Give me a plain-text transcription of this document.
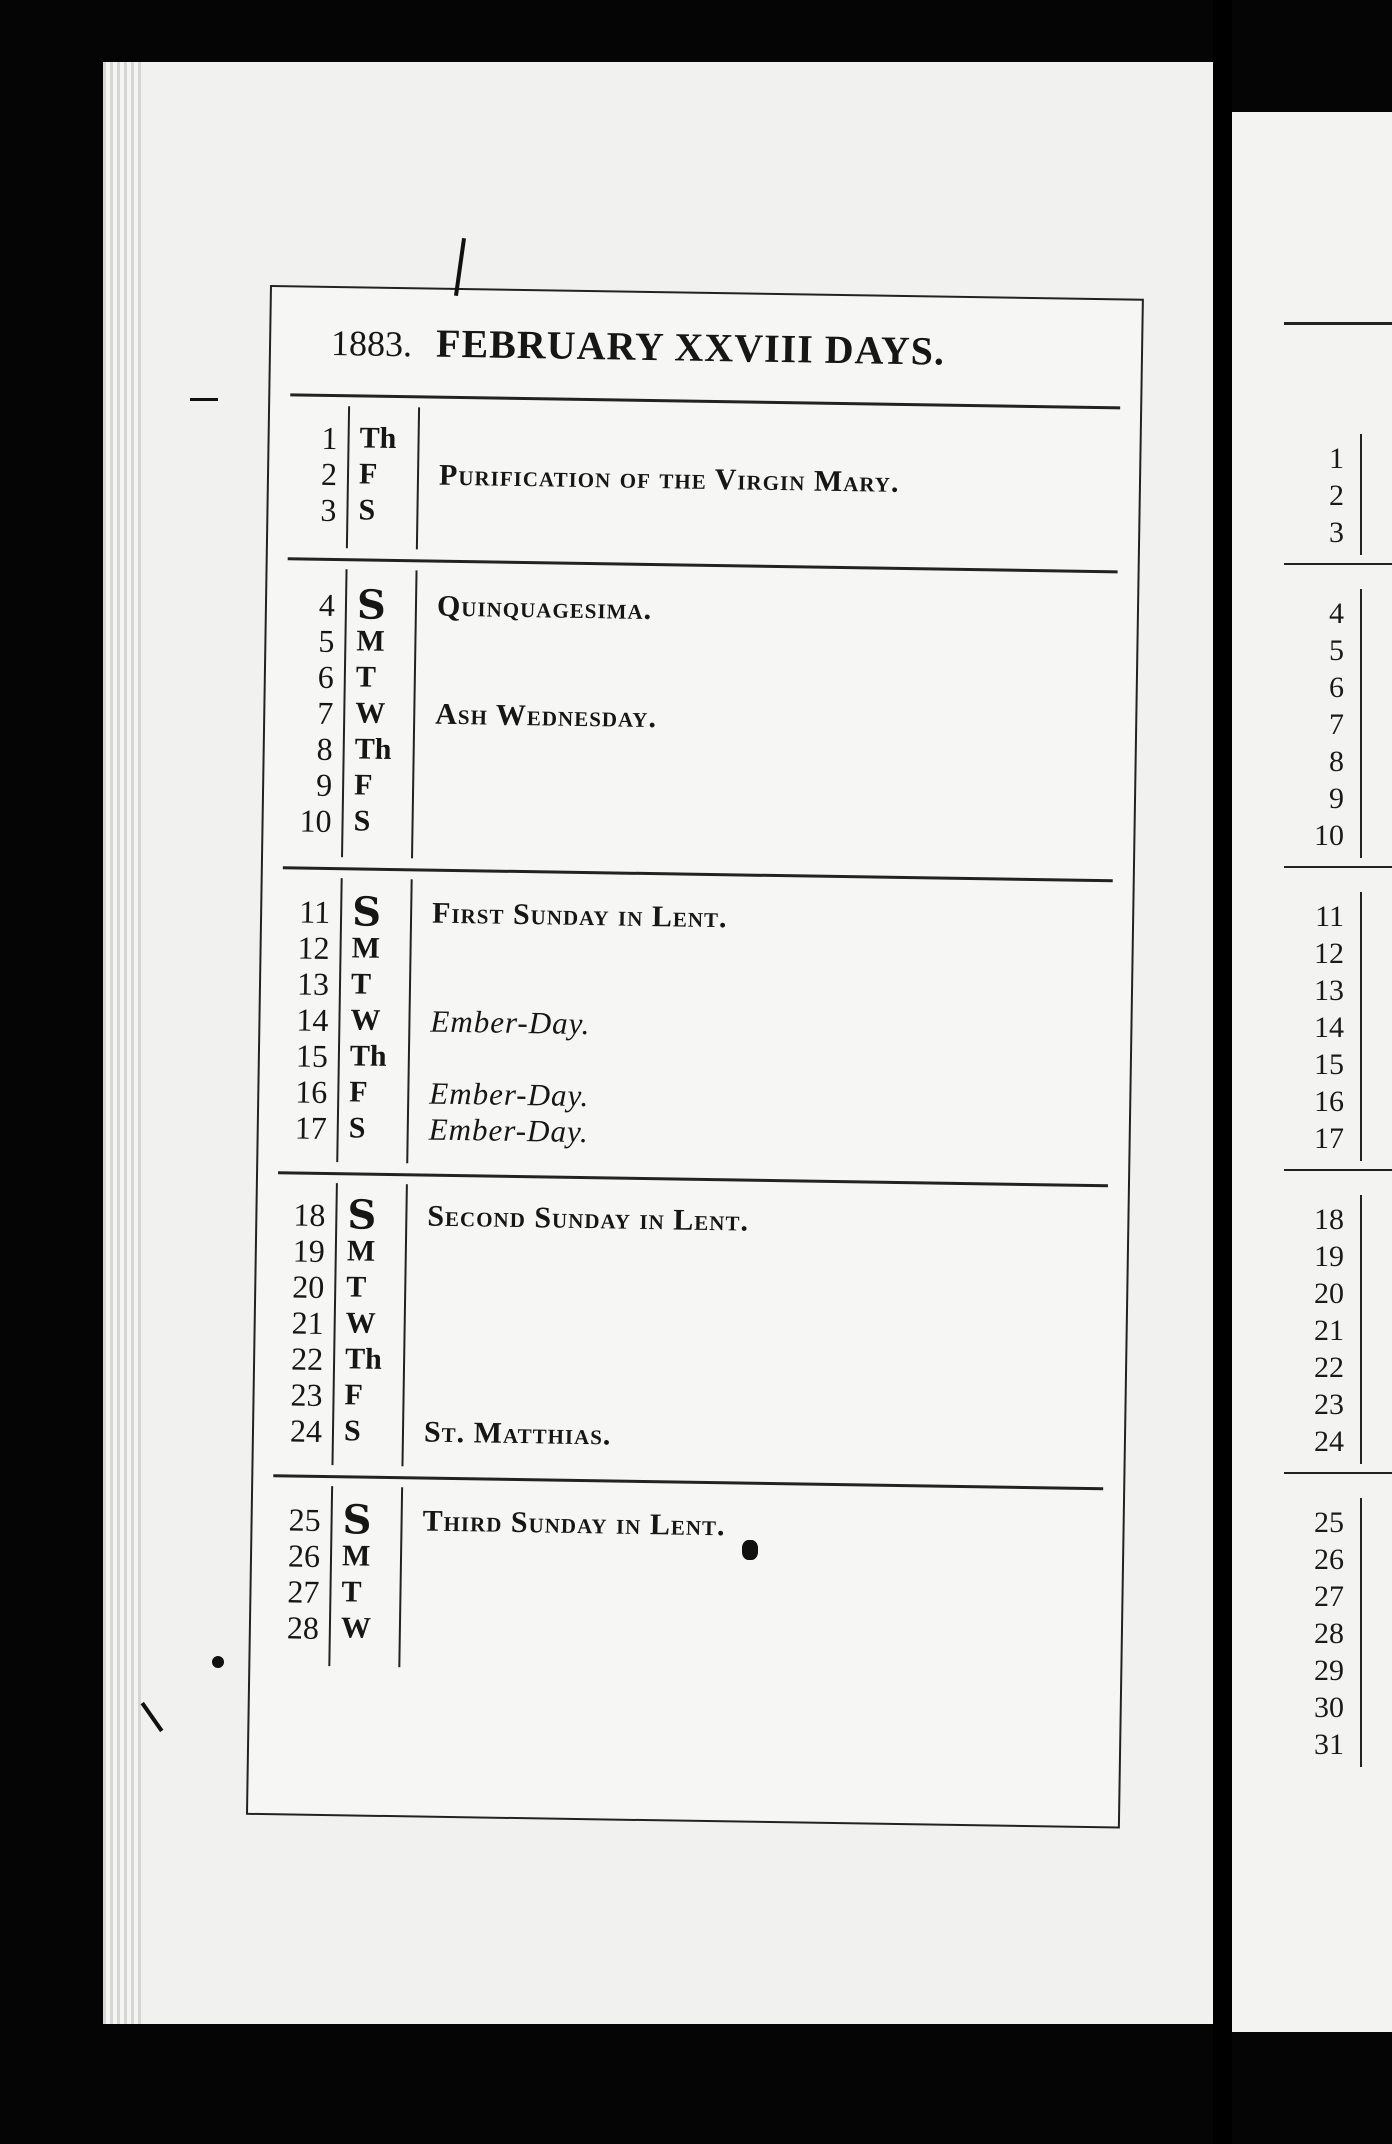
1
2
3
4
5
6
7
8
9
10
11
12
13
14
15
16
17
18
19
20
21
22
23
24
25
26
27
28
29
30
31
1883. FEBRUARY XXVIII DAYS.
1 Th
2 F	Purification of the Virgin Mary.
3 S
4 S	Quinquagesima.
5 M
6 T
7 W	Ash Wednesday.
8 Th
9 F
10 S
11 S	First Sunday in Lent.
12 M
13 T
14 W	Ember-Day.
15 Th
16 F	Ember-Day.
17 S	Ember-Day.
18 S	Second Sunday in Lent.
19 M
20 T
21 W
22 Th
23 F
24 S	St. Matthias.
25 S	Third Sunday in Lent.
26 M
27 T
28 W
